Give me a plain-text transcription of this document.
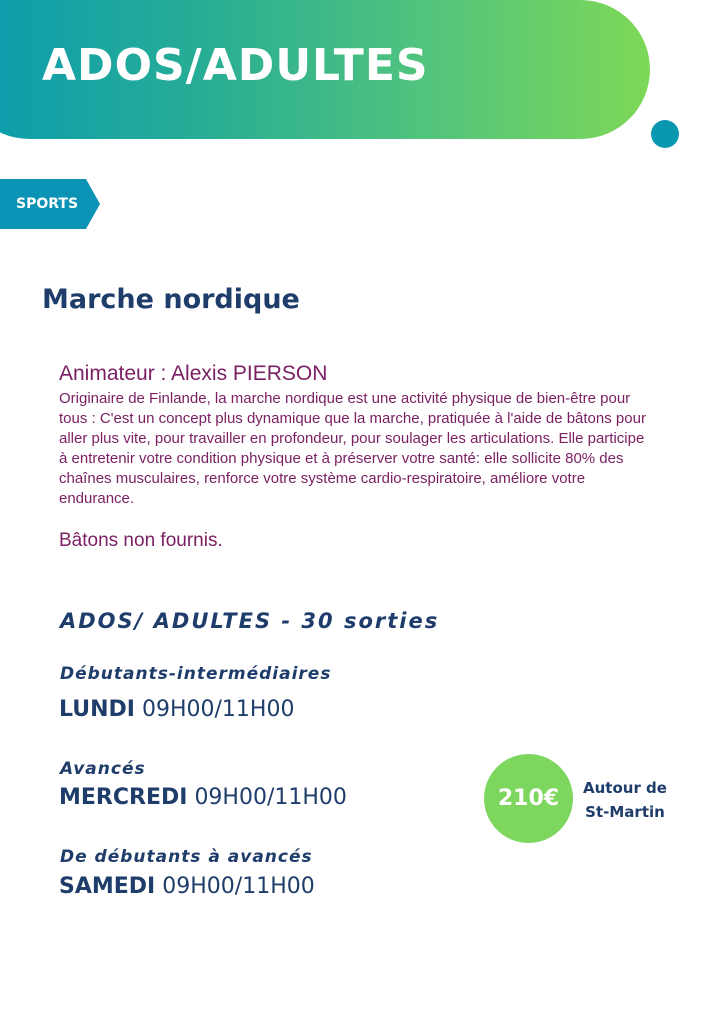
ADOS/ADULTES
SPORTS
Marche nordique
Animateur : Alexis PIERSON
Originaire de Finlande, la marche nordique est une activité physique de bien-être pour tous : C'est un concept plus dynamique que la marche, pratiquée à l'aide de bâtons pour aller plus vite, pour travailler en profondeur, pour soulager les articulations. Elle participe à entretenir votre condition physique et à préserver votre santé: elle sollicite 80% des chaînes musculaires, renforce votre système cardio-respiratoire, améliore votre endurance.
Bâtons non fournis.
ADOS/ ADULTES - 30 sorties
Débutants-intermédiaires
LUNDI 09H00/11H00
Avancés
MERCREDI 09H00/11H00
De débutants à avancés
SAMEDI 09H00/11H00
210€ Autour de
St-Martin
